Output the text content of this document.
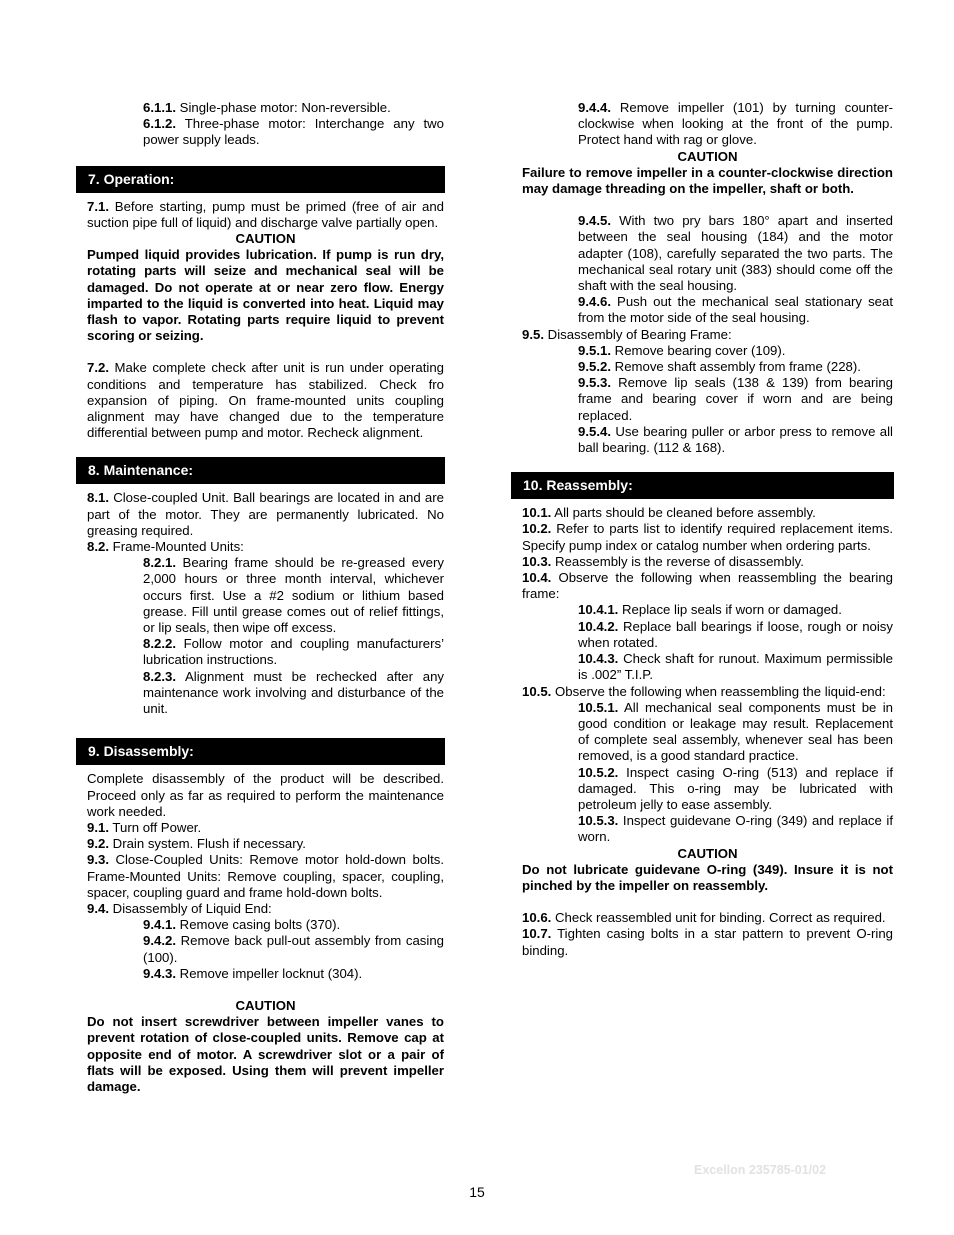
6.1.1. Single-phase motor: Non-reversible.

6.1.2. Three-phase motor: Interchange any two power supply leads.

7. Operation:

7.1. Before starting, pump must be primed (free of air and suction pipe full of liquid) and discharge valve partially open.

CAUTION

Pumped liquid provides lubrication. If pump is run dry, rotating parts will seize and mechanical seal will be damaged. Do not operate at or near zero flow. Energy imparted to the liquid is converted into heat. Liquid may flash to vapor. Rotating parts require liquid to prevent scoring or seizing.

7.2. Make complete check after unit is run under operating conditions and temperature has stabilized. Check fro expansion of piping. On frame-mounted units coupling alignment may have changed due to the temperature differential between pump and motor. Recheck alignment.

8. Maintenance:

8.1. Close-coupled Unit. Ball bearings are located in and are part of the motor. They are permanently lubricated. No greasing required.

8.2. Frame-Mounted Units:

8.2.1. Bearing frame should be re-greased every 2,000 hours or three month interval, whichever occurs first. Use a #2 sodium or lithium based grease. Fill until grease comes out of relief fittings, or lip seals, then wipe off excess.

8.2.2. Follow motor and coupling manufacturers’ lubrication instructions.

8.2.3. Alignment must be rechecked after any maintenance work involving and disturbance of the unit.

9. Disassembly:

Complete disassembly of the product will be described. Proceed only as far as required to perform the maintenance work needed.

9.1. Turn off Power.

9.2. Drain system. Flush if necessary.

9.3. Close-Coupled Units: Remove motor hold-down bolts. Frame-Mounted Units: Remove coupling, spacer, coupling, spacer, coupling guard and frame hold-down bolts.

9.4. Disassembly of Liquid End:

9.4.1. Remove casing bolts (370).

9.4.2. Remove back pull-out assembly from casing (100).

9.4.3. Remove impeller locknut (304).

CAUTION

Do not insert screwdriver between impeller vanes to prevent rotation of close-coupled units. Remove cap at opposite end of motor. A screwdriver slot or a pair of flats will be exposed. Using them will prevent impeller damage.

9.4.4. Remove impeller (101) by turning counter-clockwise when looking at the front of the pump. Protect hand with rag or glove.

CAUTION

Failure to remove impeller in a counter-clockwise direction may damage threading on the impeller, shaft or both.

9.4.5. With two pry bars 180° apart and inserted between the seal housing (184) and the motor adapter (108), carefully separated the two parts. The mechanical seal rotary unit (383) should come off the shaft with the seal housing.

9.4.6. Push out the mechanical seal stationary seat from the motor side of the seal housing.

9.5. Disassembly of Bearing Frame:

9.5.1. Remove bearing cover (109).

9.5.2. Remove shaft assembly from frame (228).

9.5.3. Remove lip seals (138 & 139) from bearing frame and bearing cover if worn and are being replaced.

9.5.4. Use bearing puller or arbor press to remove all ball bearing. (112 & 168).

10. Reassembly:

10.1. All parts should be cleaned before assembly.

10.2. Refer to parts list to identify required replacement items. Specify pump index or catalog number when ordering parts.

10.3. Reassembly is the reverse of disassembly.

10.4. Observe the following when reassembling the bearing frame:

10.4.1. Replace lip seals if worn or damaged.

10.4.2. Replace ball bearings if loose, rough or noisy when rotated.

10.4.3. Check shaft for runout. Maximum permissible is .002” T.I.P.

10.5. Observe the following when reassembling the liquid-end:

10.5.1. All mechanical seal components must be in good condition or leakage may result. Replacement of complete seal assembly, whenever seal has been removed, is a good standard practice.

10.5.2. Inspect casing O-ring (513) and replace if damaged. This o-ring may be lubricated with petroleum jelly to ease assembly.

10.5.3. Inspect guidevane O-ring (349) and replace if worn.

CAUTION

Do not lubricate guidevane O-ring (349). Insure it is not pinched by the impeller on reassembly.

10.6. Check reassembled unit for binding. Correct as required.

10.7. Tighten casing bolts in a star pattern to prevent O-ring binding.

Excellon 235785-01/02
15
